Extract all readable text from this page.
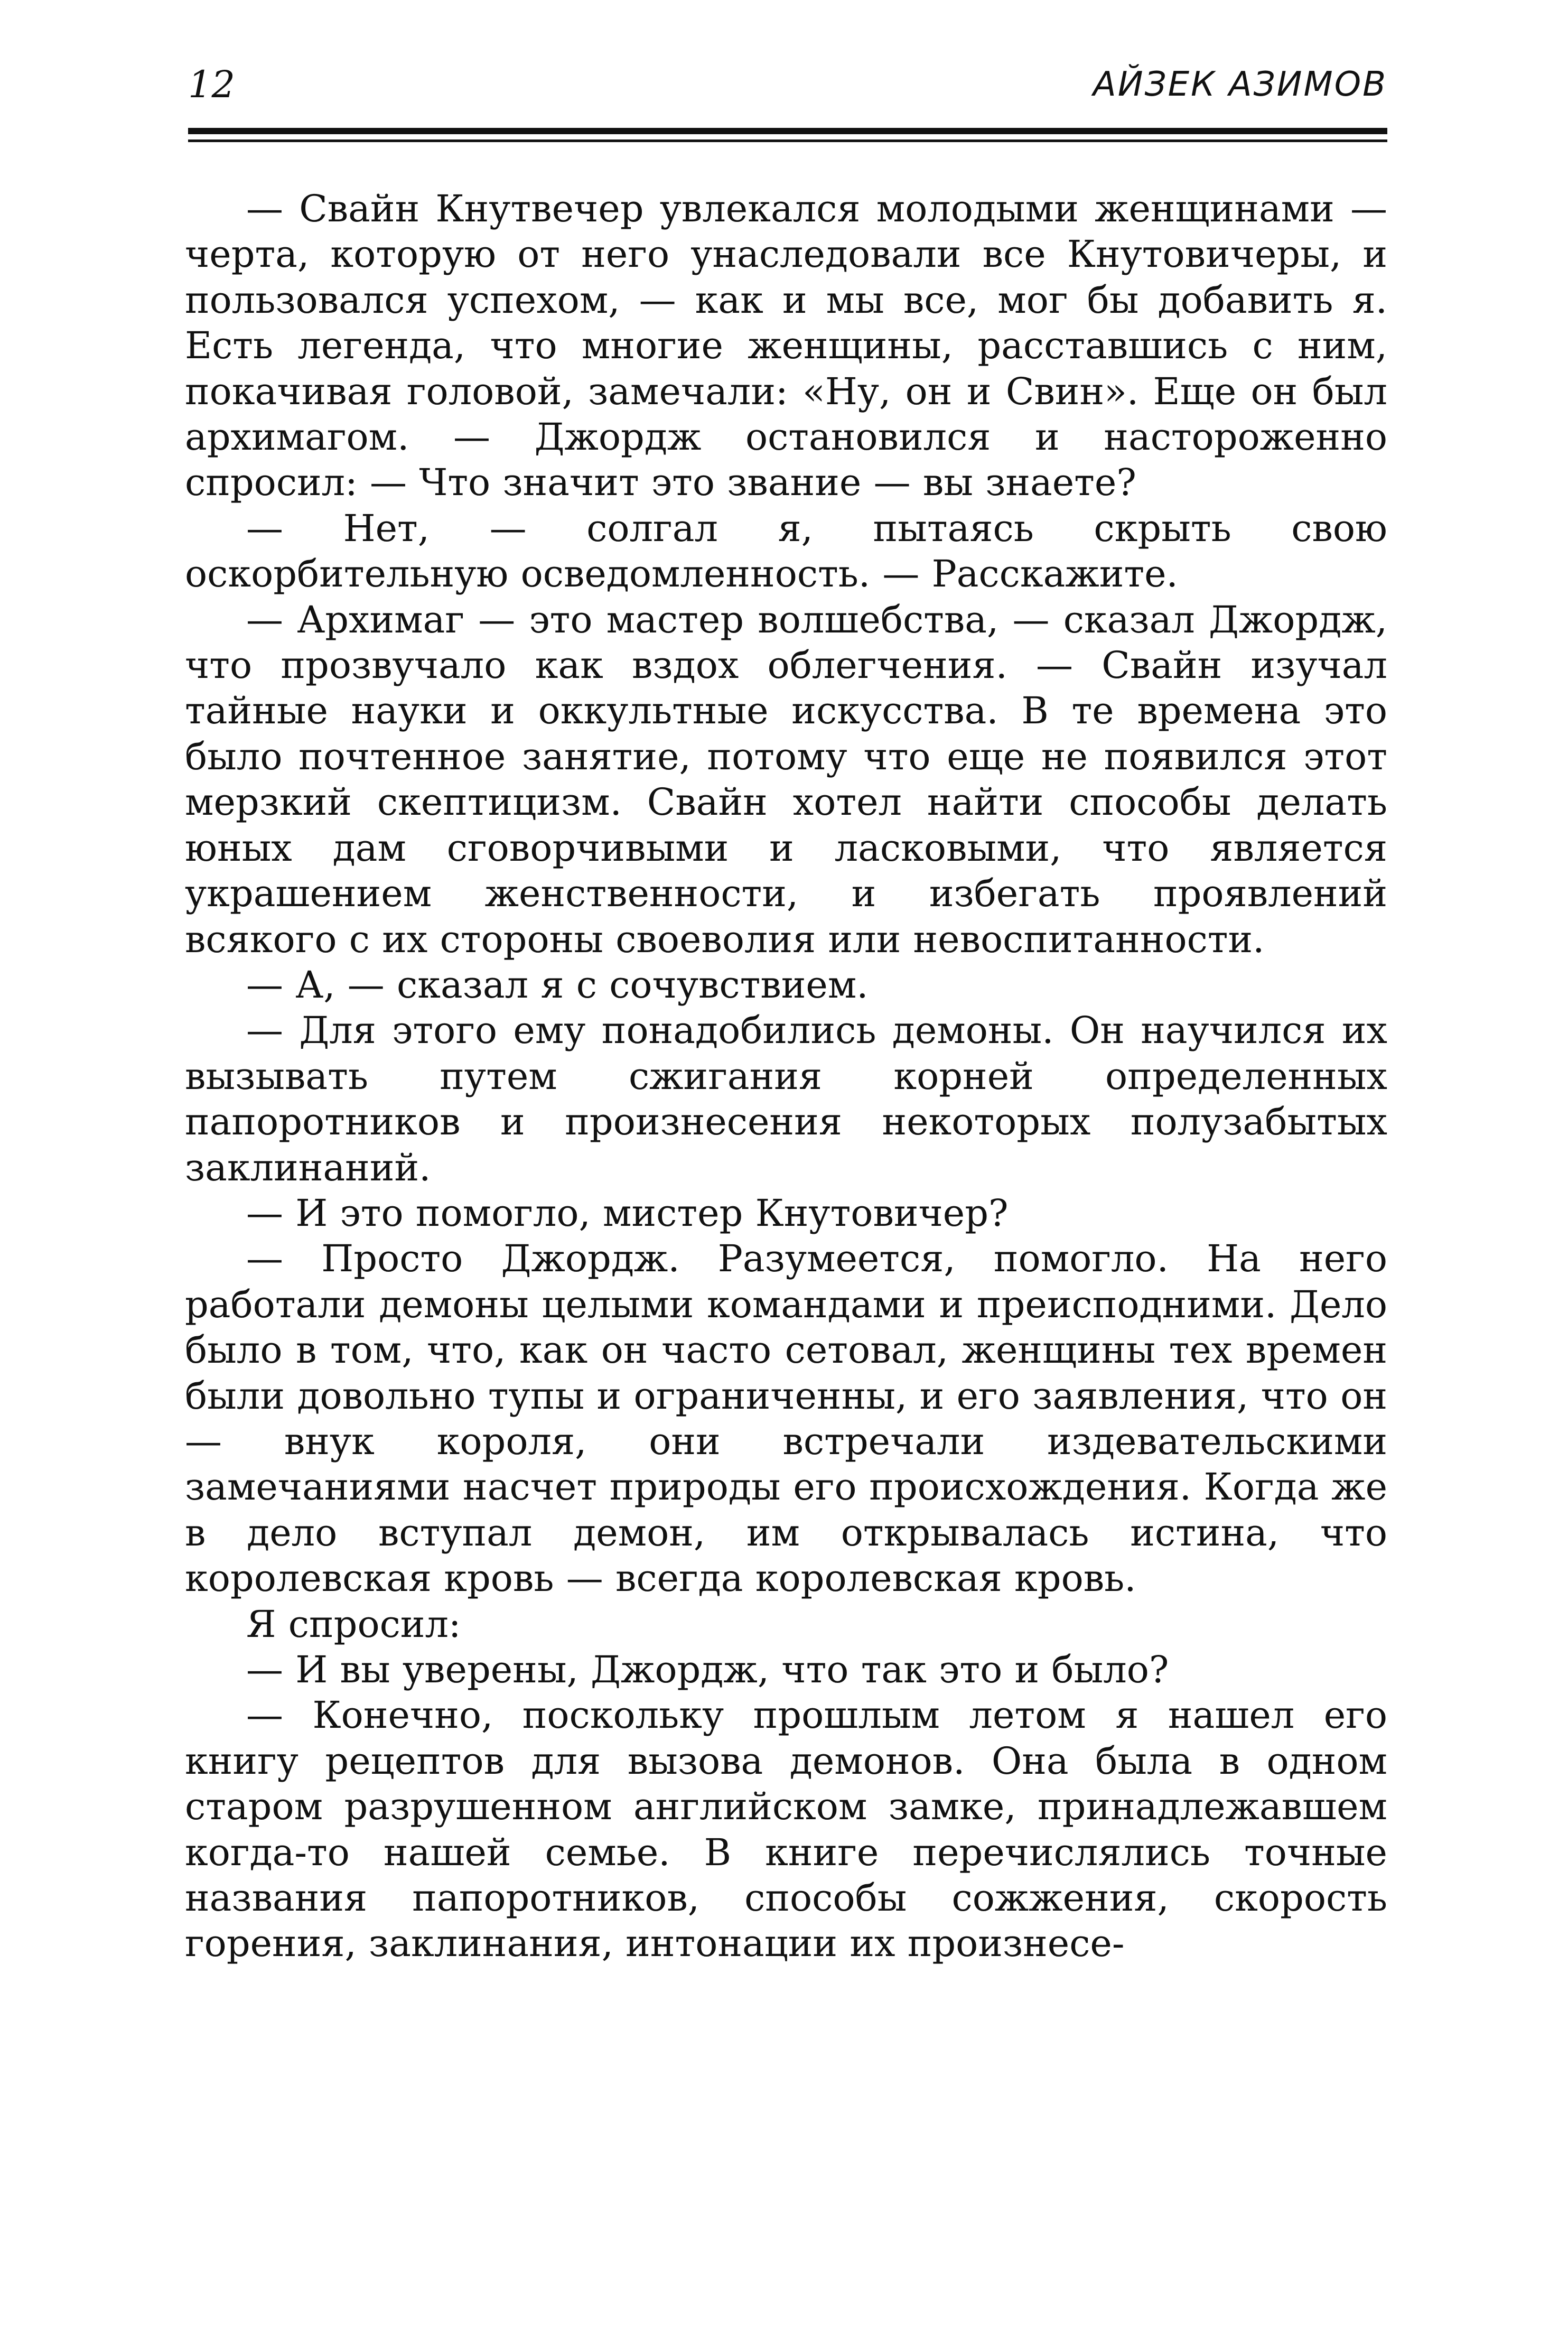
12	АЙЗЕК АЗИМОВ

— Свайн Кнутвечер увлекался молодыми женщинами — черта, которую от него унаследовали все Кнутовичеры, и пользовался успехом, — как и мы все, мог бы добавить я. Есть легенда, что многие женщины, расставшись с ним, покачивая головой, замечали: «Ну, он и Свин». Еще он был архимагом. — Джордж остановился и настороженно спросил: — Что значит это звание — вы знаете?

— Нет, — солгал я, пытаясь скрыть свою оскорбительную осведомленность. — Расскажите.

— Архимаг — это мастер волшебства, — сказал Джордж, что прозвучало как вздох облегчения. — Свайн изучал тайные науки и оккультные искусства. В те времена это было почтенное занятие, потому что еще не появился этот мерзкий скептицизм. Свайн хотел найти способы делать юных дам сговорчивыми и ласковыми, что является украшением женственности, и избегать проявлений всякого с их стороны своеволия или невоспитанности.

— А, — сказал я с сочувствием.

— Для этого ему понадобились демоны. Он научился их вызывать путем сжигания корней определенных папоротников и произнесения некоторых полузабытых заклинаний.

— И это помогло, мистер Кнутовичер?

— Просто Джордж. Разумеется, помогло. На него работали демоны целыми командами и преисподними. Дело было в том, что, как он часто сетовал, женщины тех времен были довольно тупы и ограниченны, и его заявления, что он — внук короля, они встречали издевательскими замечаниями насчет природы его происхождения. Когда же в дело вступал демон, им открывалась истина, что королевская кровь — всегда королевская кровь.

Я спросил:

— И вы уверены, Джордж, что так это и было?

— Конечно, поскольку прошлым летом я нашел его книгу рецептов для вызова демонов. Она была в одном старом разрушенном английском замке, принадлежавшем когда-то нашей семье. В книге перечислялись точные названия папоротников, способы сожжения, скорость горения, заклинания, интонации их произнесе-
